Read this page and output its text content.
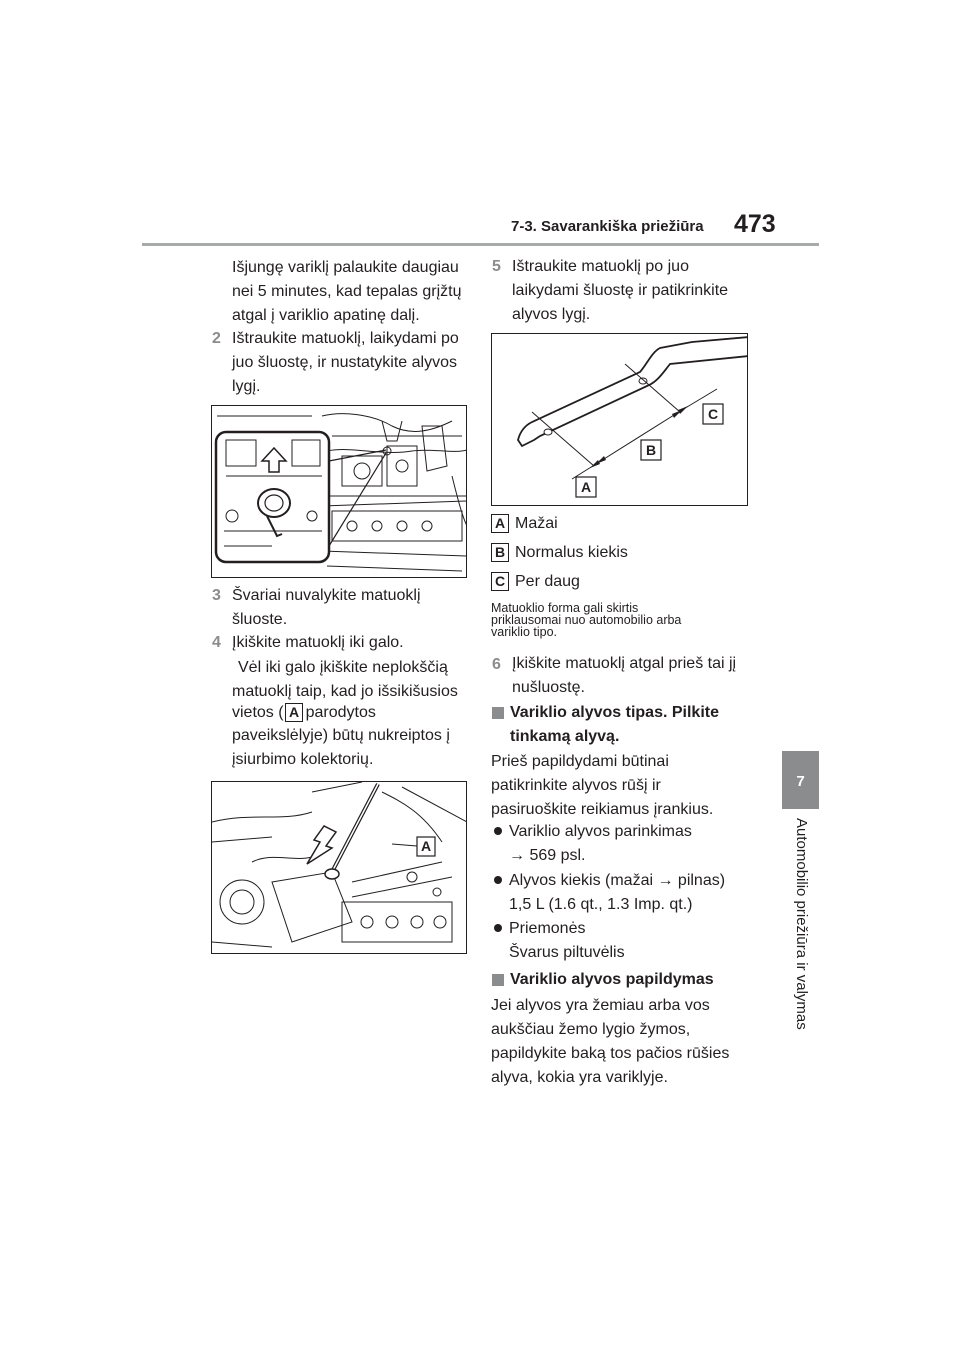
7-3. Savarankiška priežiūra 473
7
Automobilio priežiūra ir valymas
Išjungę variklį palaukite daugiau
nei 5 minutes, kad tepalas grįžtų
atgal į variklio apatinę dalį.
2 Ištraukite matuoklį, laikydami po
juo šluostę, ir nustatykite alyvos
lygį.
3 Švariai nuvalykite matuoklį
šluoste.
4 Įkiškite matuoklį iki galo.
Vėl iki galo įkiškite neplokščią
matuoklį taip, kad jo išsikišusios
vietos ( parodytos
A
paveikslėlyje) būtų nukreiptos į
įsiurbimo kolektorių.
A
5 Ištraukite matuoklį po juo
laikydami šluostę ir patikrinkite
alyvos lygį.
C
B
A
A Mažai
B Normalus kiekis
C Per daug
Matuoklio forma gali skirtis
priklausomai nuo automobilio arba
variklio tipo.
6 Įkiškite matuoklį atgal prieš tai jį
nušluostę.
Variklio alyvos tipas. Pilkite
tinkamą alyvą.
Prieš papildydami būtinai
patikrinkite alyvos rūšį ir
pasiruoškite reikiamus įrankius.
Variklio alyvos parinkimas
→ 569 psl.
Alyvos kiekis (mažai → pilnas)
1,5 L (1.6 qt., 1.3 Imp. qt.)
Priemonės
Švarus piltuvėlis
Variklio alyvos papildymas
Jei alyvos yra žemiau arba vos
aukščiau žemo lygio žymos,
papildykite baką tos pačios rūšies
alyva, kokia yra variklyje.
